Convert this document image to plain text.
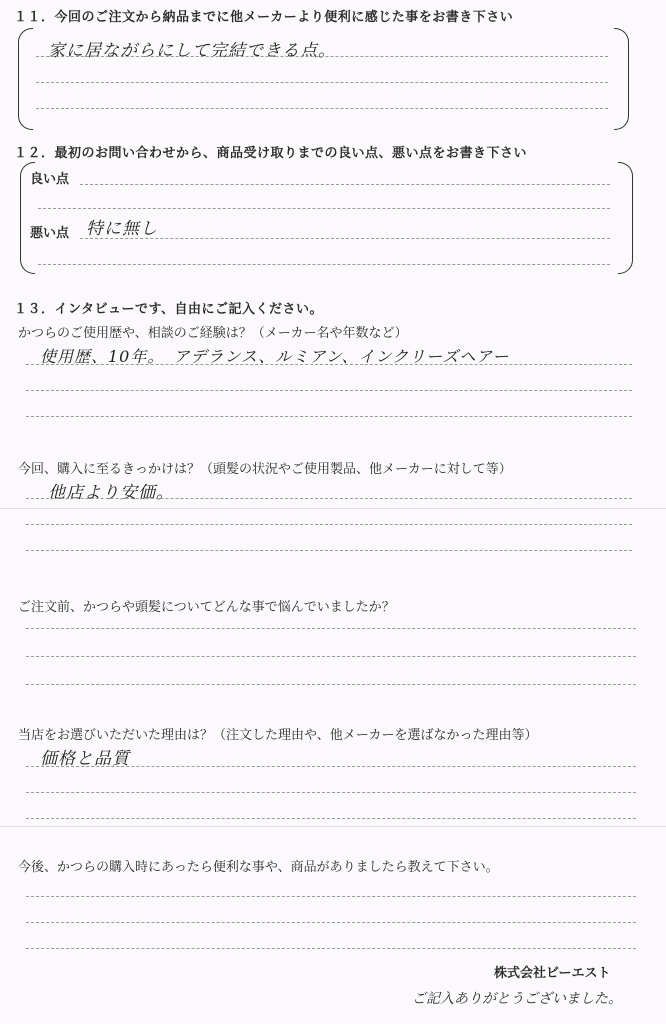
１１．今回のご注文から納品までに他メーカーより便利に感じた事をお書き下さい
家に居ながらにして完結できる点。
１２．最初のお問い合わせから、商品受け取りまでの良い点、悪い点をお書き下さい
良い点
悪い点 特に無し
１３．インタビューです、自由にご記入ください。
かつらのご使用歴や、相談のご経験は？（メーカー名や年数など）
使用歴、10年。　アデランス、ルミアン、インクリーズヘアー
今回、購入に至るきっかけは？（頭髪の状況やご使用製品、他メーカーに対して等）
他店より安価。
ご注文前、かつらや頭髪についてどんな事で悩んでいましたか？
当店をお選びいただいた理由は？（注文した理由や、他メーカーを選ばなかった理由等）
価格と品質
今後、かつらの購入時にあったら便利な事や、商品がありましたら教えて下さい。
株式会社ビーエスト
ご記入ありがとうございました。
